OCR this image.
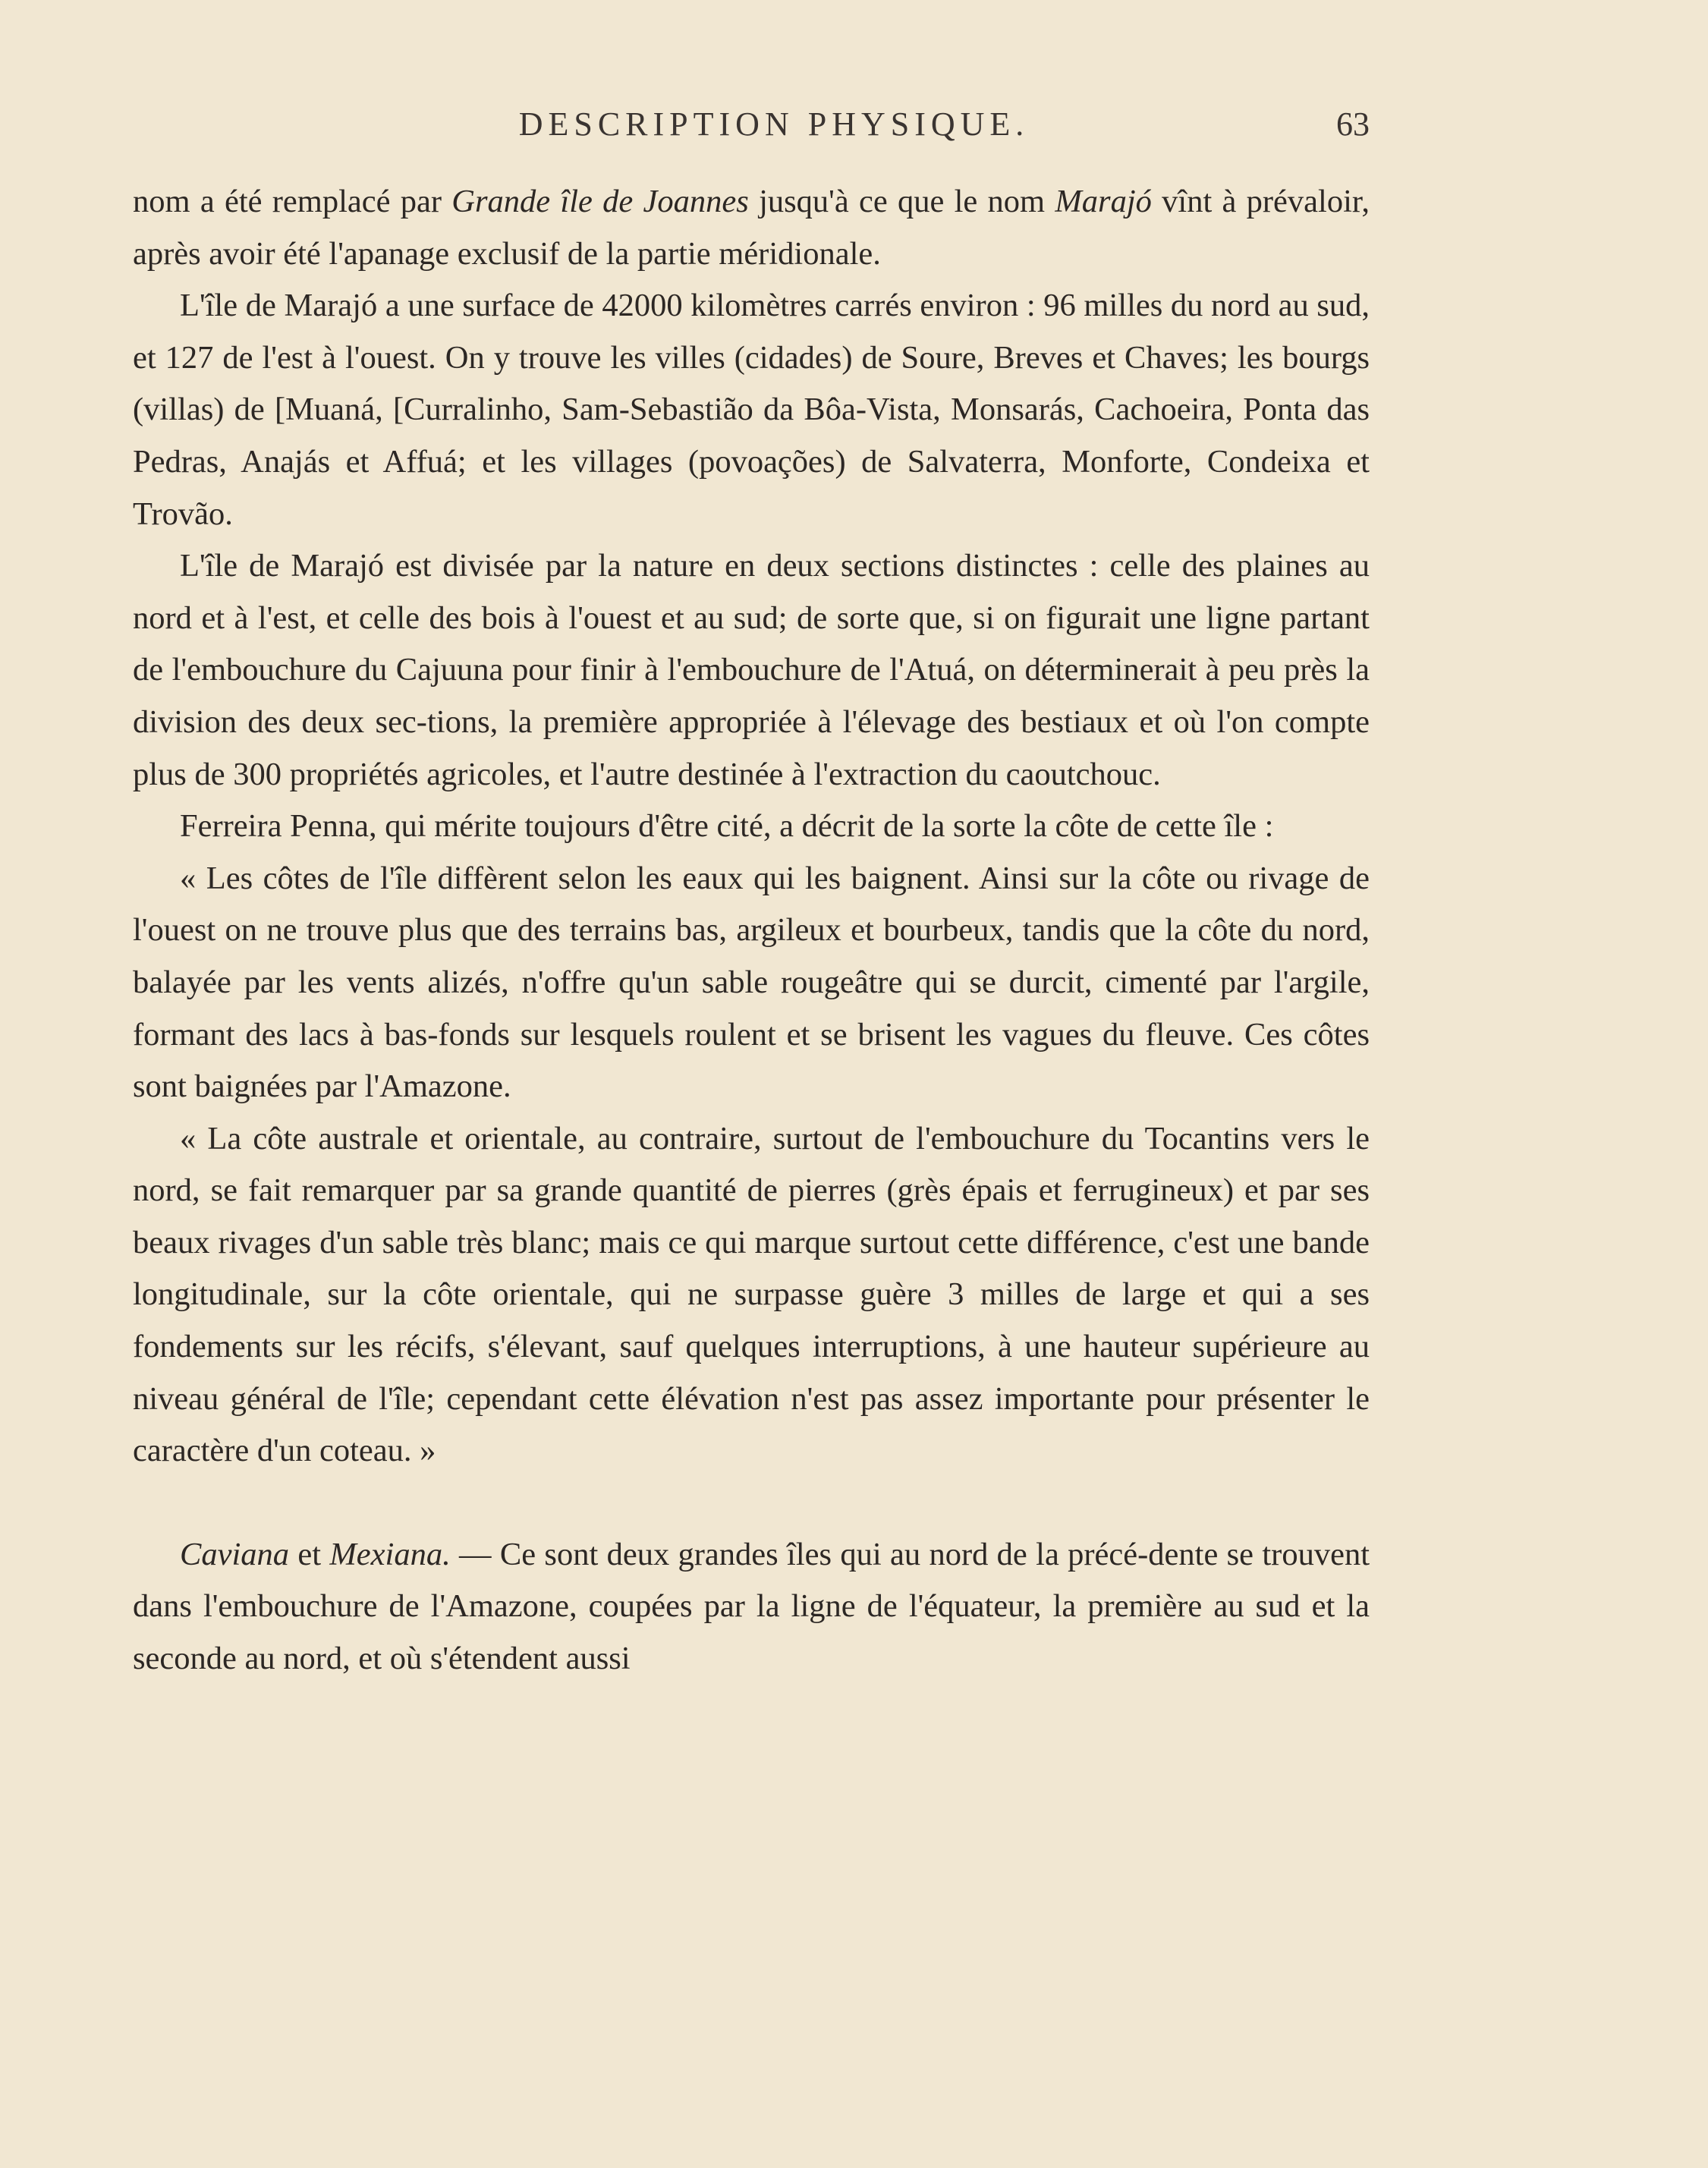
DESCRIPTION PHYSIQUE.	63

nom a été remplacé par Grande île de Joannes jusqu'à ce que le nom Marajó vînt à prévaloir, après avoir été l'apanage exclusif de la partie méridionale.

L'île de Marajó a une surface de 42000 kilomètres carrés environ : 96 milles du nord au sud, et 127 de l'est à l'ouest. On y trouve les villes (cidades) de Soure, Breves et Chaves; les bourgs (villas) de [Muaná, [Curralinho, Sam-Sebastião da Bôa-Vista, Monsarás, Cachoeira, Ponta das Pedras, Anajás et Affuá; et les villages (povoações) de Salvaterra, Monforte, Condeixa et Trovão.

L'île de Marajó est divisée par la nature en deux sections distinctes : celle des plaines au nord et à l'est, et celle des bois à l'ouest et au sud; de sorte que, si on figurait une ligne partant de l'embouchure du Cajuuna pour finir à l'embouchure de l'Atuá, on déterminerait à peu près la division des deux sec-tions, la première appropriée à l'élevage des bestiaux et où l'on compte plus de 300 propriétés agricoles, et l'autre destinée à l'extraction du caoutchouc.

Ferreira Penna, qui mérite toujours d'être cité, a décrit de la sorte la côte de cette île :

« Les côtes de l'île diffèrent selon les eaux qui les baignent. Ainsi sur la côte ou rivage de l'ouest on ne trouve plus que des terrains bas, argileux et bourbeux, tandis que la côte du nord, balayée par les vents alizés, n'offre qu'un sable rougeâtre qui se durcit, cimenté par l'argile, formant des lacs à bas-fonds sur lesquels roulent et se brisent les vagues du fleuve. Ces côtes sont baignées par l'Amazone.

« La côte australe et orientale, au contraire, surtout de l'embouchure du Tocantins vers le nord, se fait remarquer par sa grande quantité de pierres (grès épais et ferrugineux) et par ses beaux rivages d'un sable très blanc; mais ce qui marque surtout cette différence, c'est une bande longitudinale, sur la côte orientale, qui ne surpasse guère 3 milles de large et qui a ses fondements sur les récifs, s'élevant, sauf quelques interruptions, à une hauteur supérieure au niveau général de l'île; cependant cette élévation n'est pas assez importante pour présenter le caractère d'un coteau. »

Caviana et Mexiana. — Ce sont deux grandes îles qui au nord de la précé-dente se trouvent dans l'embouchure de l'Amazone, coupées par la ligne de l'équateur, la première au sud et la seconde au nord, et où s'étendent aussi
